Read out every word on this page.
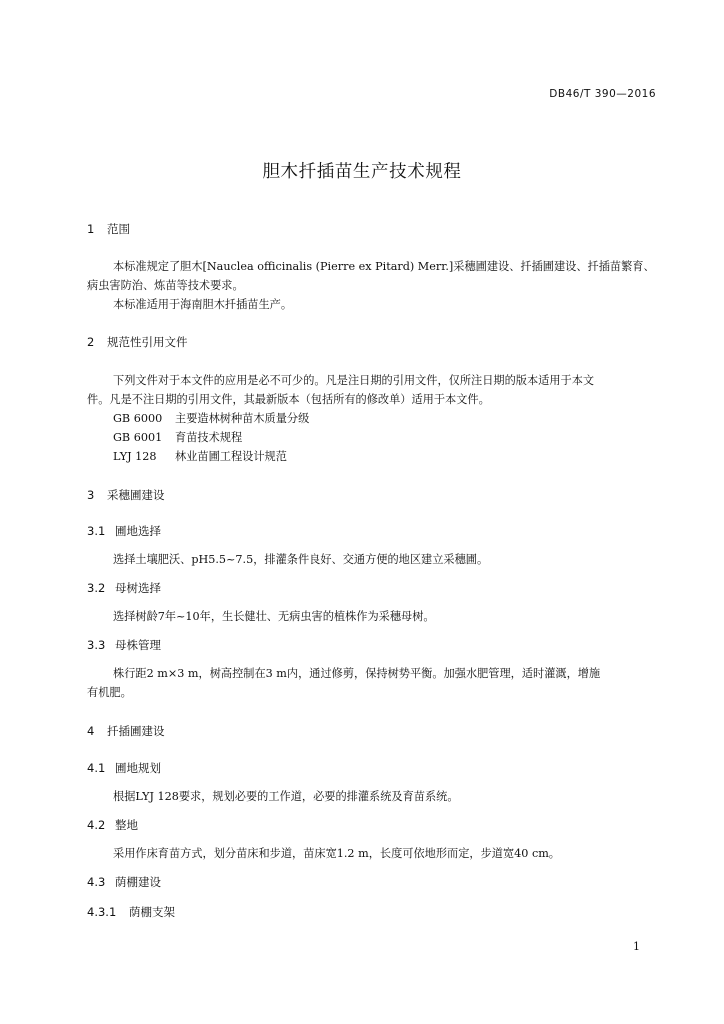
DB46/T 390—2016
胆木扦插苗生产技术规程
1 范围
本标准规定了胆木[Nauclea officinalis (Pierre ex Pitard) Merr.]采穗圃建设、扦插圃建设、扦插苗繁育、
病虫害防治、炼苗等技术要求。
本标准适用于海南胆木扦插苗生产。
2 规范性引用文件
下列文件对于本文件的应用是必不可少的。凡是注日期的引用文件，仅所注日期的版本适用于本文
件。凡是不注日期的引用文件，其最新版本（包括所有的修改单）适用于本文件。
GB 6000 主要造林树种苗木质量分级
GB 6001 育苗技术规程
LYJ 128 林业苗圃工程设计规范
3 采穗圃建设
3.1 圃地选择
选择土壤肥沃、pH5.5~7.5，排灌条件良好、交通方便的地区建立采穗圃。
3.2 母树选择
选择树龄7年~10年，生长健壮、无病虫害的植株作为采穗母树。
3.3 母株管理
株行距2 m×3 m，树高控制在3 m内，通过修剪，保持树势平衡。加强水肥管理，适时灌溉，增施
有机肥。
4 扦插圃建设
4.1 圃地规划
根据LYJ 128要求，规划必要的工作道，必要的排灌系统及育苗系统。
4.2 整地
采用作床育苗方式，划分苗床和步道，苗床宽1.2 m，长度可依地形而定，步道宽40 cm。
4.3 荫棚建设
4.3.1 荫棚支架
1
